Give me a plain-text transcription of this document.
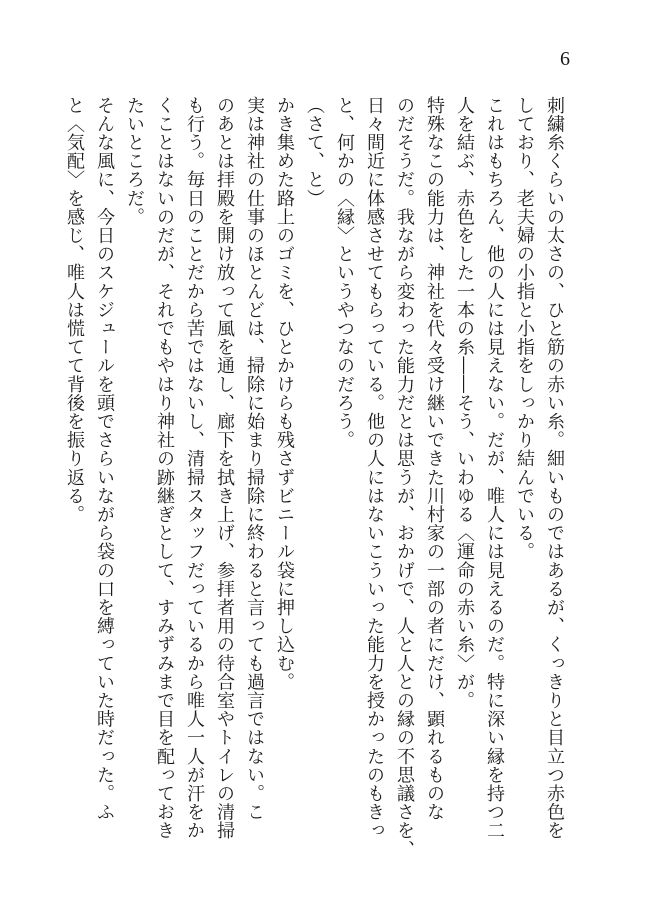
6
刺繍糸くらいの太さの、ひと筋の赤い糸。細いものではあるが、くっきりと目立つ赤色を
しており、老夫婦の小指と小指をしっかり結んでいる。
これはもちろん、他の人には見えない。だが、唯人には見えるのだ。特に深い縁を持つ二
人を結ぶ、赤色をした一本の糸――そう、いわゆる〈運命の赤い糸〉が。
特殊なこの能力は、神社を代々受け継いできた川村家の一部の者にだけ、顕れるものな
のだそうだ。我ながら変わった能力だとは思うが、おかげで、人と人との縁の不思議さを、
日々間近に体感させてもらっている。他の人にはないこういった能力を授かったのもきっ
と、何かの〈縁〉というやつなのだろう。
（さて、と）
かき集めた路上のゴミを、ひとかけらも残さずビニール袋に押し込む。
実は神社の仕事のほとんどは、掃除に始まり掃除に終わると言っても過言ではない。こ
のあとは拝殿を開け放って風を通し、廊下を拭き上げ、参拝者用の待合室やトイレの清掃
も行う。毎日のことだから苦ではないし、清掃スタッフだっているから唯人一人が汗をか
くことはないのだが、それでもやはり神社の跡継ぎとして、すみずみまで目を配っておき
たいところだ。
そんな風に、今日のスケジュールを頭でさらいながら袋の口を縛っていた時だった。ふ
と〈気配〉を感じ、唯人は慌てて背後を振り返る。
